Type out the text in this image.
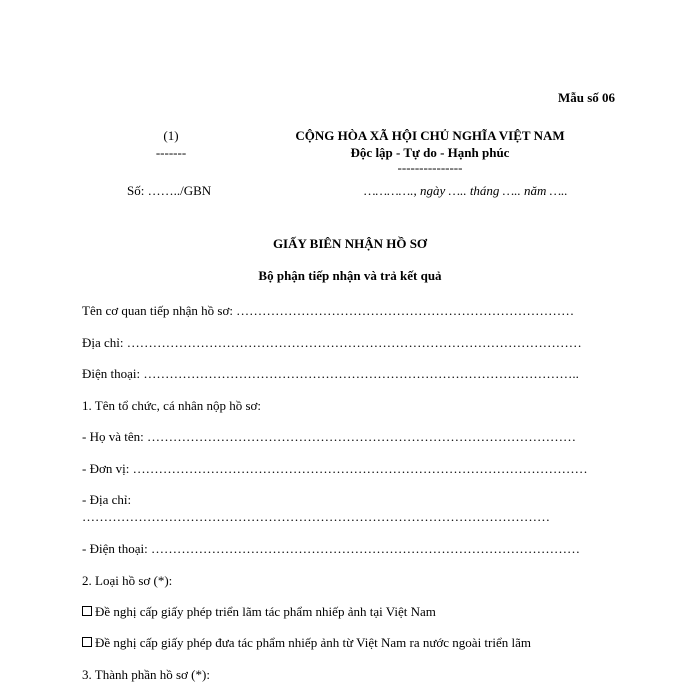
Mẫu số 06
(1)
-------
CỘNG HÒA XÃ HỘI CHỦ NGHĨA VIỆT NAM
Độc lập - Tự do - Hạnh phúc
---------------
Số: ……../GBN	…………., ngày ….. tháng ….. năm …..
GIẤY BIÊN NHẬN HỒ SƠ
Bộ phận tiếp nhận và trả kết quả
Tên cơ quan tiếp nhận hồ sơ: ……………………………………………………………………
Địa chỉ: ……………………………………………………………………………………………
Điện thoại: ………………………………………………………………………………………..
1. Tên tổ chức, cá nhân nộp hồ sơ:
- Họ và tên: ………………………………………………………………………………………
- Đơn vị: ……………………………………………………………………………………………
- Địa chỉ:
………………………………………………………………………………………………
- Điện thoại: ………………………………………………………………………………………
2. Loại hồ sơ (*):
Đề nghị cấp giấy phép triển lãm tác phẩm nhiếp ảnh tại Việt Nam
Đề nghị cấp giấy phép đưa tác phẩm nhiếp ảnh từ Việt Nam ra nước ngoài triển lãm
3. Thành phần hồ sơ (*):
